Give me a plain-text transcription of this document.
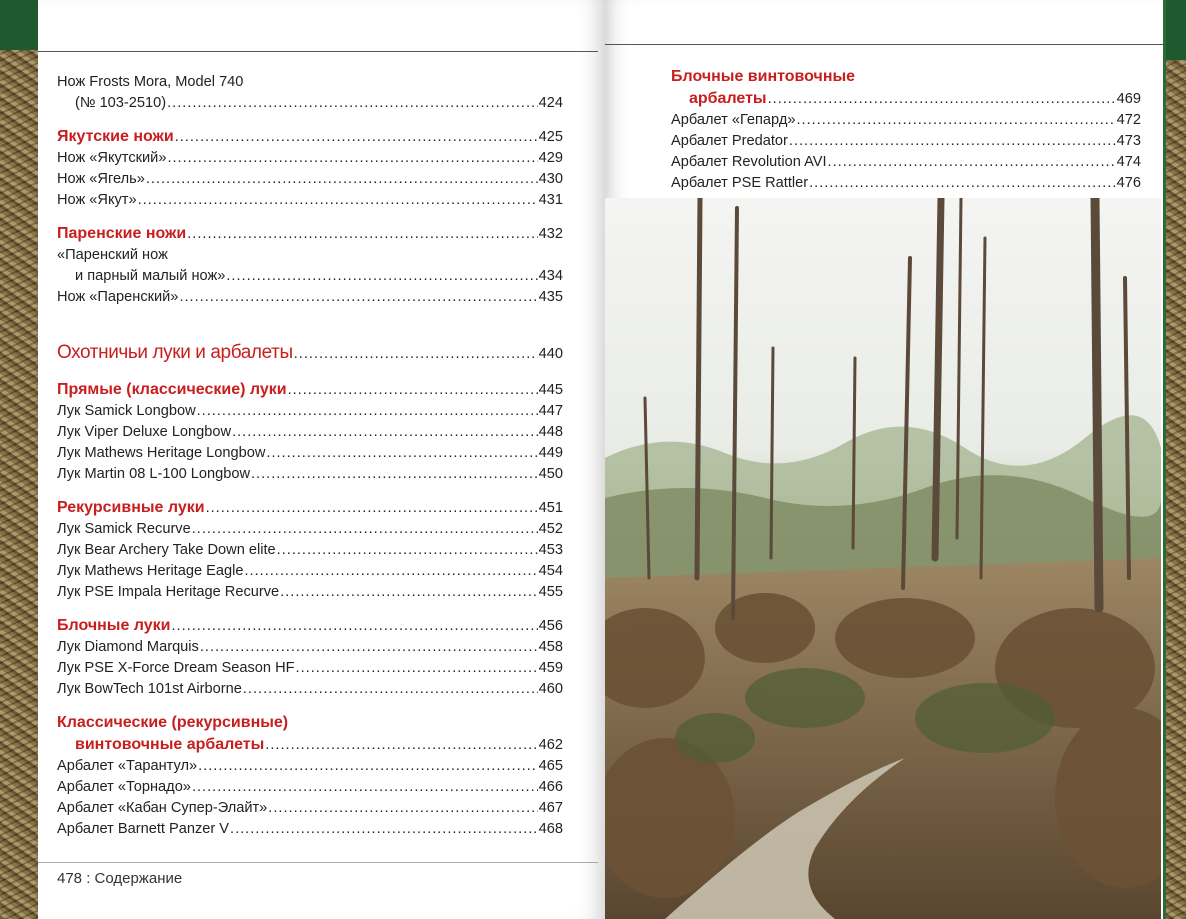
Нож Frosts Mora, Model 740
(№ 103-2510) .....	424
Якутские ножи .....	425
Нож «Якутский» .....	429
Нож «Ягель» .....	430
Нож «Якут» .....	431
Паренские ножи .....	432
«Паренский нож
и парный малый нож» .....	434
Нож «Паренский» .....	435
Охотничьи луки и арбалеты .....	440
Прямые (классические) луки .....	445
Лук Samick Longbow .....	447
Лук Viper Deluxe Longbow .....	448
Лук Mathews Heritage Longbow .....	449
Лук Martin 08 L-100 Longbow .....	450
Рекурсивные луки .....	451
Лук Samick Recurve .....	452
Лук Bear Archery Take Down elite .....	453
Лук Mathews Heritage Eagle .....	454
Лук PSE Impala Heritage Recurve .....	455
Блочные луки .....	456
Лук Diamond Marquis .....	458
Лук PSE X-Force Dream Season HF .....	459
Лук BowTech 101st Airborne .....	460
Классические (рекурсивные)
винтовочные арбалеты .....	462
Арбалет «Тарантул» .....	465
Арбалет «Торнадо» .....	466
Арбалет «Кабан Супер-Элайт» .....	467
Арбалет Barnett Panzer V .....	468
478 : Содержание
Блочные винтовочные
арбалеты .....	469
Арбалет «Гепард» .....	472
Арбалет Predator .....	473
Арбалет Revolution AVI .....	474
Арбалет PSE Rattler .....	476
